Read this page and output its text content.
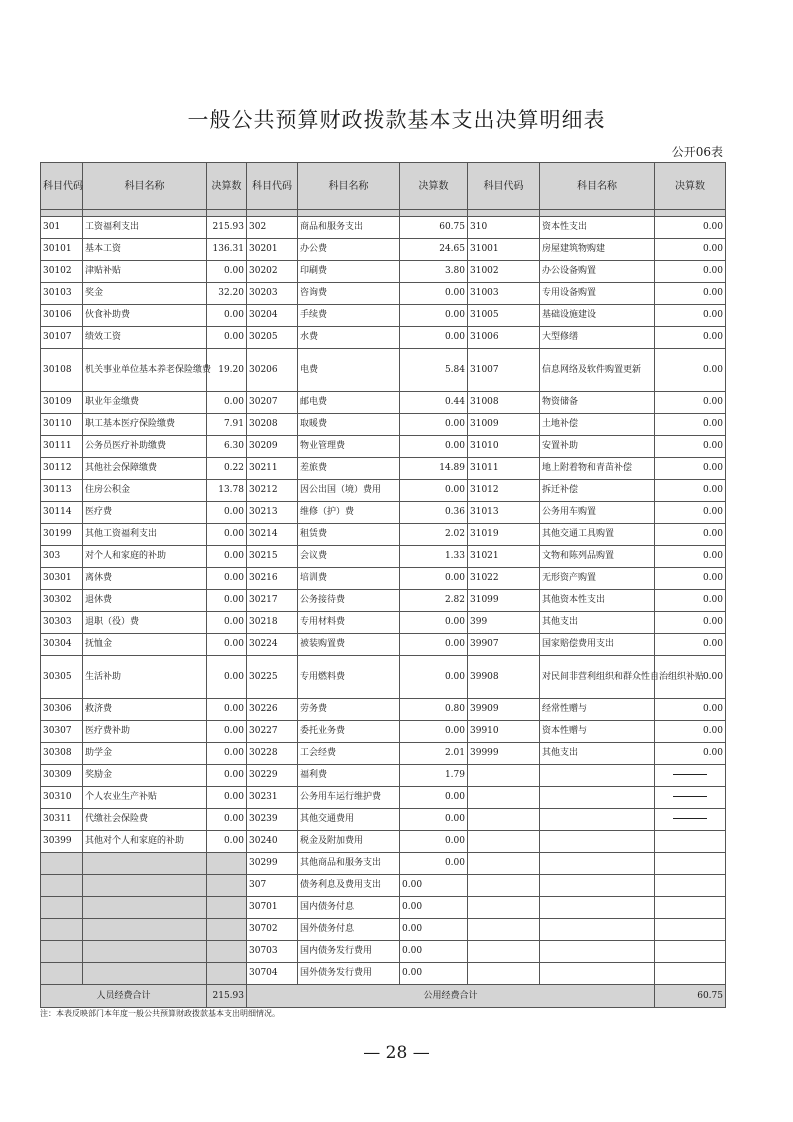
一般公共预算财政拨款基本支出决算明细表
公开06表
科目代码	科目名称	决算数	科目代码	科目名称	决算数	科目代码	科目名称	决算数

301	工资福利支出	215.93	302	商品和服务支出	60.75	310	资本性支出	0.00
30101	基本工资	136.31	30201	办公费	24.65	31001	房屋建筑物购建	0.00
30102	津贴补贴	0.00	30202	印刷费	3.80	31002	办公设备购置	0.00
30103	奖金	32.20	30203	咨询费	0.00	31003	专用设备购置	0.00
30106	伙食补助费	0.00	30204	手续费	0.00	31005	基础设施建设	0.00
30107	绩效工资	0.00	30205	水费	0.00	31006	大型修缮	0.00
30108	机关事业单位基本养老保险缴费	19.20	30206	电费	5.84	31007	信息网络及软件购置更新	0.00
30109	职业年金缴费	0.00	30207	邮电费	0.44	31008	物资储备	0.00
30110	职工基本医疗保险缴费	7.91	30208	取暖费	0.00	31009	土地补偿	0.00
30111	公务员医疗补助缴费	6.30	30209	物业管理费	0.00	31010	安置补助	0.00
30112	其他社会保障缴费	0.22	30211	差旅费	14.89	31011	地上附着物和青苗补偿	0.00
30113	住房公积金	13.78	30212	因公出国（境）费用	0.00	31012	拆迁补偿	0.00
30114	医疗费	0.00	30213	维修（护）费	0.36	31013	公务用车购置	0.00
30199	其他工资福利支出	0.00	30214	租赁费	2.02	31019	其他交通工具购置	0.00
303	对个人和家庭的补助	0.00	30215	会议费	1.33	31021	文物和陈列品购置	0.00
30301	离休费	0.00	30216	培训费	0.00	31022	无形资产购置	0.00
30302	退休费	0.00	30217	公务接待费	2.82	31099	其他资本性支出	0.00
30303	退职（役）费	0.00	30218	专用材料费	0.00	399	其他支出	0.00
30304	抚恤金	0.00	30224	被装购置费	0.00	39907	国家赔偿费用支出	0.00
30305	生活补助	0.00	30225	专用燃料费	0.00	39908	对民间非营利组织和群众性自治组织补贴	0.00
30306	救济费	0.00	30226	劳务费	0.80	39909	经常性赠与	0.00
30307	医疗费补助	0.00	30227	委托业务费	0.00	39910	资本性赠与	0.00
30308	助学金	0.00	30228	工会经费	2.01	39999	其他支出	0.00
30309	奖励金	0.00	30229	福利费	1.79			
30310	个人农业生产补贴	0.00	30231	公务用车运行维护费	0.00			
30311	代缴社会保险费	0.00	30239	其他交通费用	0.00			
30399	其他对个人和家庭的补助	0.00	30240	税金及附加费用	0.00			
			30299	其他商品和服务支出	0.00			
			307	债务利息及费用支出	0.00			
			30701	国内债务付息	0.00			
			30702	国外债务付息	0.00			
			30703	国内债务发行费用	0.00			
			30704	国外债务发行费用	0.00			
人员经费合计		215.93	公用经费合计					60.75
注：本表反映部门本年度一般公共预算财政拨款基本支出明细情况。
— 28 —
